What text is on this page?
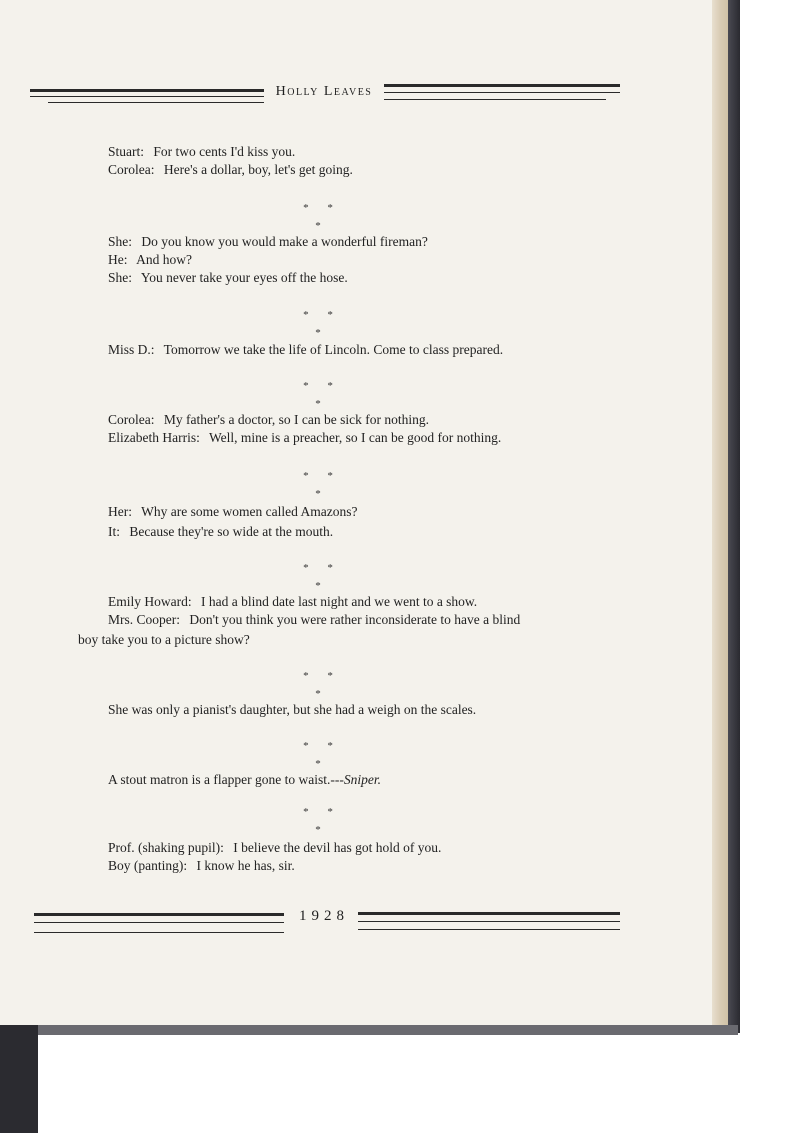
Holly Leaves
Stuart: For two cents I'd kiss you.
Corolea: Here's a dollar, boy, let's get going.
* * *
She: Do you know you would make a wonderful fireman?
He: And how?
She: You never take your eyes off the hose.
* * *
Miss D.: Tomorrow we take the life of Lincoln. Come to class prepared.
* * *
Corolea: My father's a doctor, so I can be sick for nothing.
Elizabeth Harris: Well, mine is a preacher, so I can be good for nothing.
* * *
Her: Why are some women called Amazons?
It: Because they're so wide at the mouth.
* * *
Emily Howard: I had a blind date last night and we went to a show.
Mrs. Cooper: Don't you think you were rather inconsiderate to have a blind
boy take you to a picture show?
* * *
She was only a pianist's daughter, but she had a weigh on the scales.
* * *
A stout matron is a flapper gone to waist.---Sniper.
* * *
Prof. (shaking pupil): I believe the devil has got hold of you.
Boy (panting): I know he has, sir.
1928
